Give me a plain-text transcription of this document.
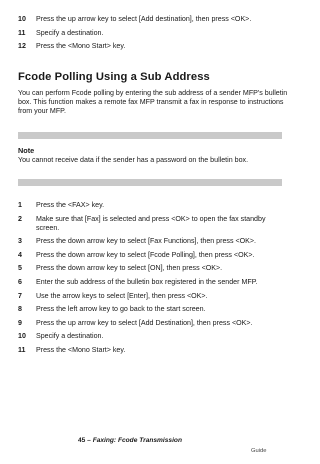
10	Press the up arrow key to select [Add destination], then press <OK>.
11	Specify a destination.
12	Press the <Mono Start> key.
Fcode Polling Using a Sub Address

You can perform Fcode polling by entering the sub address of a sender MFP's bulletin box. This function makes a remote fax MFP transmit a fax in response to instructions from your MFP.

Note

You cannot receive data if the sender has a password on the bulletin box.

1	Press the <FAX> key.
2	Make sure that [Fax] is selected and press <OK> to open the fax standby screen.
3	Press the down arrow key to select [Fax Functions], then press <OK>.
4	Press the down arrow key to select [Fcode Polling], then press <OK>.
5	Press the down arrow key to select [ON], then press <OK>.
6	Enter the sub address of the bulletin box registered in the sender MFP.
7	Use the arrow keys to select [Enter], then press <OK>.
8	Press the left arrow key to go back to the start screen.
9	Press the up arrow key to select [Add Destination], then press <OK>.
10	Specify a destination.
11	Press the <Mono Start> key.

45 – Faxing: Fcode Transmission

Guide
